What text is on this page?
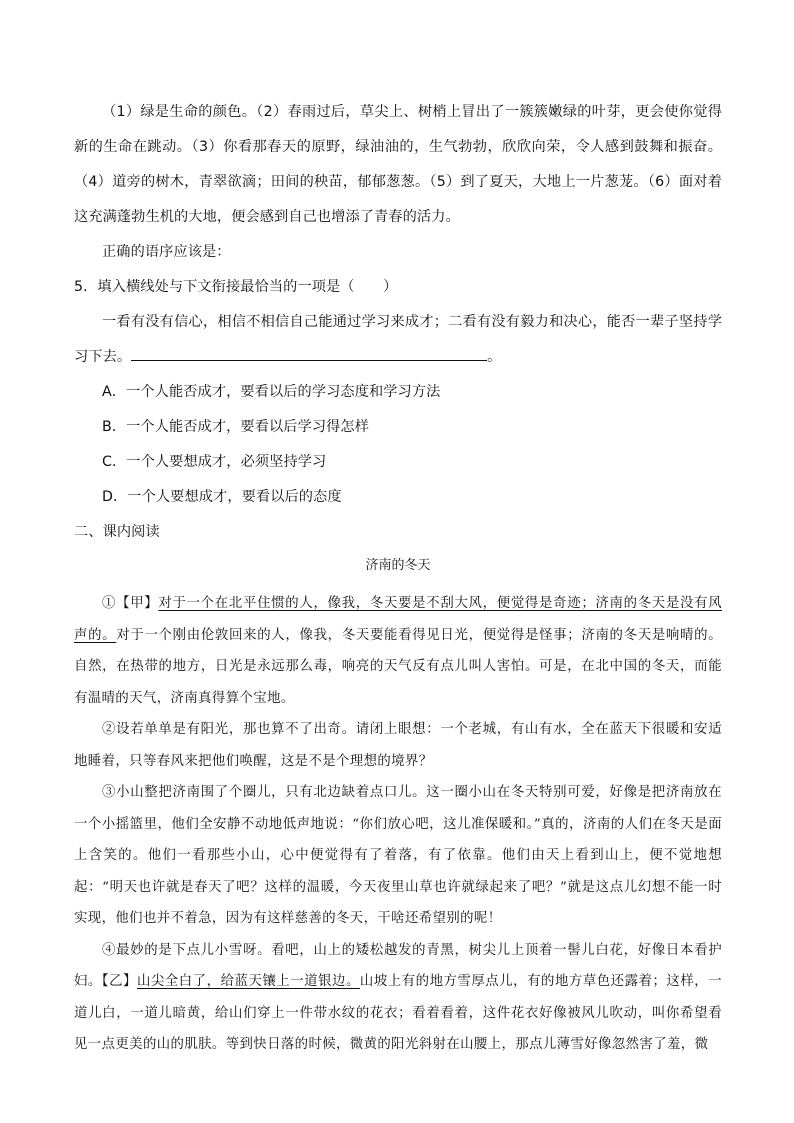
（1）绿是生命的颜色。（2）春雨过后，草尖上、树梢上冒出了一簇簇嫩绿的叶芽，更会使你觉得新的生命在跳动。（3）你看那春天的原野，绿油油的，生气勃勃，欣欣向荣，令人感到鼓舞和振奋。（4）道旁的树木，青翠欲滴；田间的秧苗，郁郁葱葱。（5）到了夏天，大地上一片葱茏。（6）面对着这充满蓬勃生机的大地，便会感到自己也增添了青春的活力。

正确的语序应该是：

5．填入横线处与下文衔接最恰当的一项是（　　）

一看有没有信心，相信不相信自己能通过学习来成才；二看有没有毅力和决心，能否一辈子坚持学习下去。	。

A．一个人能否成才，要看以后的学习态度和学习方法

B．一个人能否成才，要看以后学习得怎样

C．一个人要想成才，必须坚持学习

D．一个人要想成才，要看以后的态度

二、课内阅读

济南的冬天

①【甲】对于一个在北平住惯的人，像我，冬天要是不刮大风，便觉得是奇迹；济南的冬天是没有风声的。对于一个刚由伦敦回来的人，像我，冬天要能看得见日光，便觉得是怪事；济南的冬天是响晴的。自然，在热带的地方，日光是永远那么毒，响亮的天气反有点儿叫人害怕。可是，在北中国的冬天，而能有温晴的天气，济南真得算个宝地。

②设若单单是有阳光，那也算不了出奇。请闭上眼想：一个老城，有山有水，全在蓝天下很暖和安适地睡着，只等春风来把他们唤醒，这是不是个理想的境界？

③小山整把济南围了个圈儿，只有北边缺着点口儿。这一圈小山在冬天特别可爱，好像是把济南放在一个小摇篮里，他们全安静不动地低声地说：“你们放心吧，这儿准保暖和。”真的，济南的人们在冬天是面上含笑的。他们一看那些小山，心中便觉得有了着落，有了依靠。他们由天上看到山上，便不觉地想起：“明天也许就是春天了吧？这样的温暖，今天夜里山草也许就绿起来了吧？”就是这点儿幻想不能一时实现，他们也并不着急，因为有这样慈善的冬天，干啥还希望别的呢！

④最妙的是下点儿小雪呀。看吧，山上的矮松越发的青黑，树尖儿上顶着一髻儿白花，好像日本看护妇。【乙】山尖全白了，给蓝天镶上一道银边。山坡上有的地方雪厚点儿，有的地方草色还露着；这样，一道儿白，一道儿暗黄，给山们穿上一件带水纹的花衣；看着看着，这件花衣好像被风儿吹动，叫你希望看见一点更美的山的肌肤。等到快日落的时候，微黄的阳光斜射在山腰上，那点儿薄雪好像忽然害了羞，微
